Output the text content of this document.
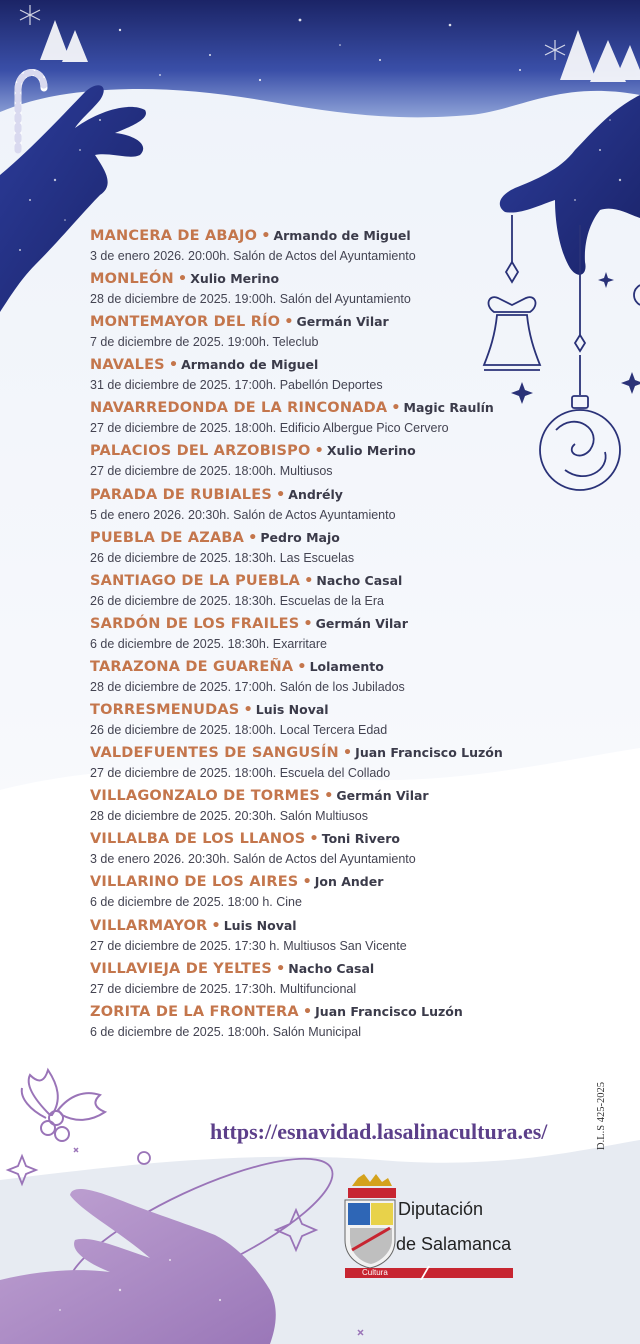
MANCERA DE ABAJO • Armando de Miguel
3 de enero 2026. 20:00h. Salón de Actos del Ayuntamiento
MONLEÓN • Xulio Merino
28 de diciembre de 2025. 19:00h. Salón del Ayuntamiento
MONTEMAYOR DEL RÍO • Germán Vilar
7 de diciembre de 2025. 19:00h. Teleclub
NAVALES • Armando de Miguel
31 de diciembre de 2025. 17:00h. Pabellón Deportes
NAVARREDONDA DE LA RINCONADA • Magic Raulín
27 de diciembre de 2025. 18:00h. Edificio Albergue Pico Cervero
PALACIOS DEL ARZOBISPO • Xulio Merino
27 de diciembre de 2025. 18:00h. Multiusos
PARADA DE RUBIALES • Andrély
5 de enero 2026. 20:30h. Salón de Actos Ayuntamiento
PUEBLA DE AZABA • Pedro Majo
26 de diciembre de 2025. 18:30h. Las Escuelas
SANTIAGO DE LA PUEBLA • Nacho Casal
26 de diciembre de 2025. 18:30h. Escuelas de la Era
SARDÓN DE LOS FRAILES • Germán Vilar
6 de diciembre de 2025. 18:30h. Exarritare
TARAZONA DE GUAREÑA • Lolamento
28 de diciembre de 2025. 17:00h. Salón de los Jubilados
TORRESMENUDAS • Luis Noval
26 de diciembre de 2025. 18:00h. Local Tercera Edad
VALDEFUENTES DE SANGUSÍN • Juan Francisco Luzón
27 de diciembre de 2025. 18:00h. Escuela del Collado
VILLAGONZALO DE TORMES • Germán Vilar
28 de diciembre de 2025. 20:30h. Salón Multiusos
VILLALBA DE LOS LLANOS • Toni Rivero
3 de enero 2026. 20:30h. Salón de Actos del Ayuntamiento
VILLARINO DE LOS AIRES • Jon Ander
6 de diciembre de 2025. 18:00 h. Cine
VILLARMAYOR • Luis Noval
27 de diciembre de 2025. 17:30 h. Multiusos San Vicente
VILLAVIEJA DE YELTES • Nacho Casal
27 de diciembre de 2025. 17:30h. Multifuncional
ZORITA DE LA FRONTERA • Juan Francisco Luzón
6 de diciembre de 2025. 18:00h. Salón Municipal
https://esnavidad.lasalinacultura.es/	D.L.S 425-2025
Diputación
de Salamanca
Cultura
